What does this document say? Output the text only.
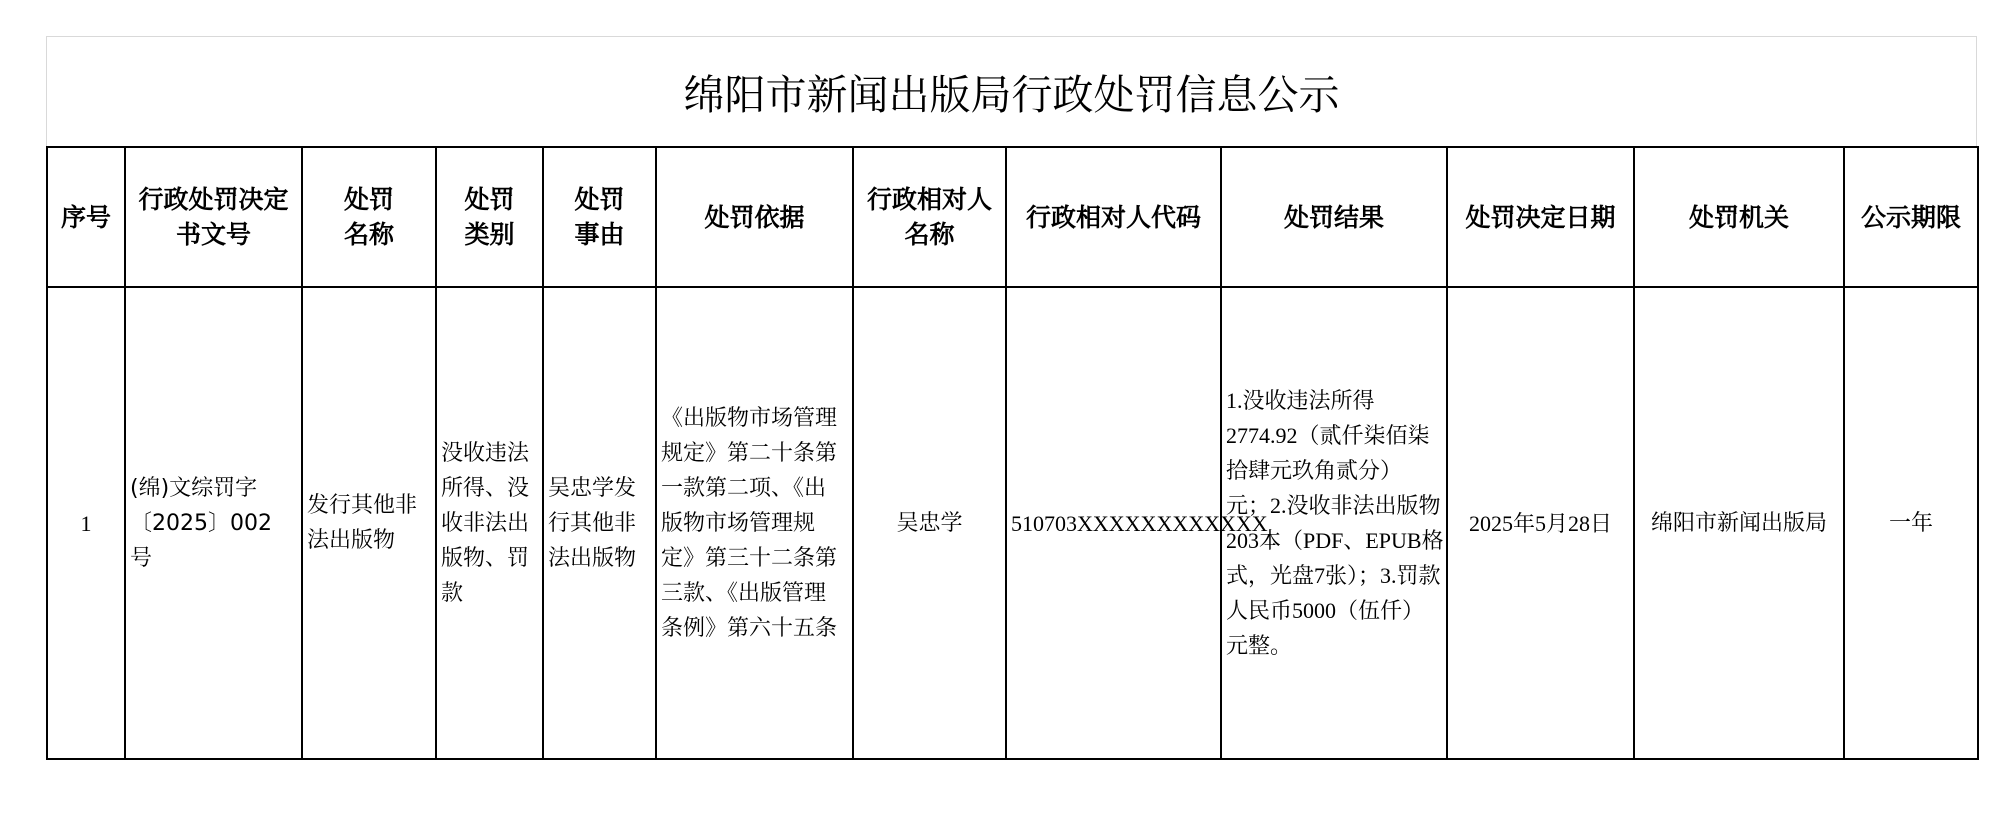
绵阳市新闻出版局行政处罚信息公示
序号	行政处罚决定书文号	处罚名称	处罚类别	处罚事由	处罚依据	行政相对人名称	行政相对人代码	处罚结果	处罚决定日期	处罚机关	公示期限
1	(绵)文综罚字〔2025〕002号	发行其他非法出版物	没收违法所得、没收非法出版物、罚款	吴忠学发行其他非法出版物	《出版物市场管理规定》第二十条第一款第二项、《出版物市场管理规定》第三十二条第三款、《出版管理条例》第六十五条	吴忠学	510703XXXXXXXXXXXX	1.没收违法所得2774.92（贰仟柒佰柒拾肆元玖角贰分）元；2.没收非法出版物203本（PDF、EPUB格式，光盘7张）；3.罚款人民币5000（伍仟）元整。	2025年5月28日	绵阳市新闻出版局	一年
